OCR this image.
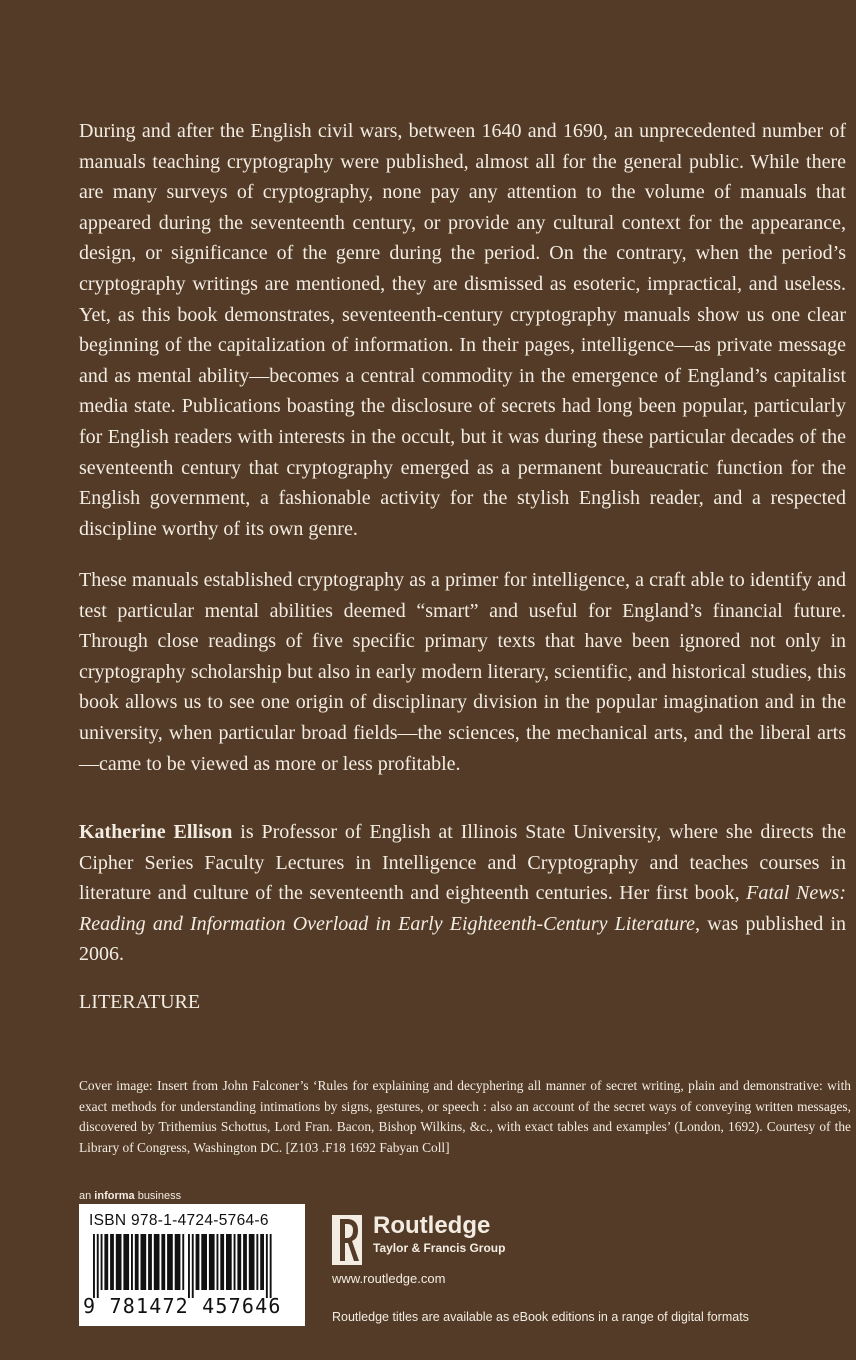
During and after the English civil wars, between 1640 and 1690, an unprecedented number of manuals teaching cryptography were published, almost all for the general public. While there are many surveys of cryptography, none pay any attention to the volume of manuals that appeared during the seventeenth century, or provide any cultural context for the appearance, design, or significance of the genre during the period. On the contrary, when the period’s cryptography writings are mentioned, they are dismissed as esoteric, impractical, and useless. Yet, as this book demonstrates, seventeenth-century cryptography manuals show us one clear beginning of the capitalization of information. In their pages, intelligence—as private message and as mental ability—becomes a central commodity in the emergence of England’s capitalist media state. Publications boasting the disclosure of secrets had long been popular, particularly for English readers with interests in the occult, but it was during these particular decades of the seventeenth century that cryptography emerged as a permanent bureaucratic function for the English government, a fashionable activity for the stylish English reader, and a respected discipline worthy of its own genre.

These manuals established cryptography as a primer for intelligence, a craft able to identify and test particular mental abilities deemed “smart” and useful for England’s financial future. Through close readings of five specific primary texts that have been ignored not only in cryptography scholarship but also in early modern literary, scientific, and historical studies, this book allows us to see one origin of disciplinary division in the popular imagination and in the university, when particular broad fields—the sciences, the mechanical arts, and the liberal arts—came to be viewed as more or less profitable.

Katherine Ellison is Professor of English at Illinois State University, where she directs the Cipher Series Faculty Lectures in Intelligence and Cryptography and teaches courses in literature and culture of the seventeenth and eighteenth centuries. Her first book, Fatal News: Reading and Information Overload in Early Eighteenth-Century Literature, was published in 2006.

LITERATURE

Cover image: Insert from John Falconer’s ‘Rules for explaining and decyphering all manner of secret writing, plain and demonstrative: with exact methods for understanding intimations by signs, gestures, or speech : also an account of the secret ways of conveying written messages, discovered by Trithemius Schottus, Lord Fran. Bacon, Bishop Wilkins, &c., with exact tables and examples’ (London, 1692). Courtesy of the Library of Congress, Washington DC. [Z103 .F18 1692 Fabyan Coll]

an informa business
ISBN 978-1-4724-5764-6
9 781472 457646
Routledge
Taylor & Francis Group
www.routledge.com
Routledge titles are available as eBook editions in a range of digital formats
